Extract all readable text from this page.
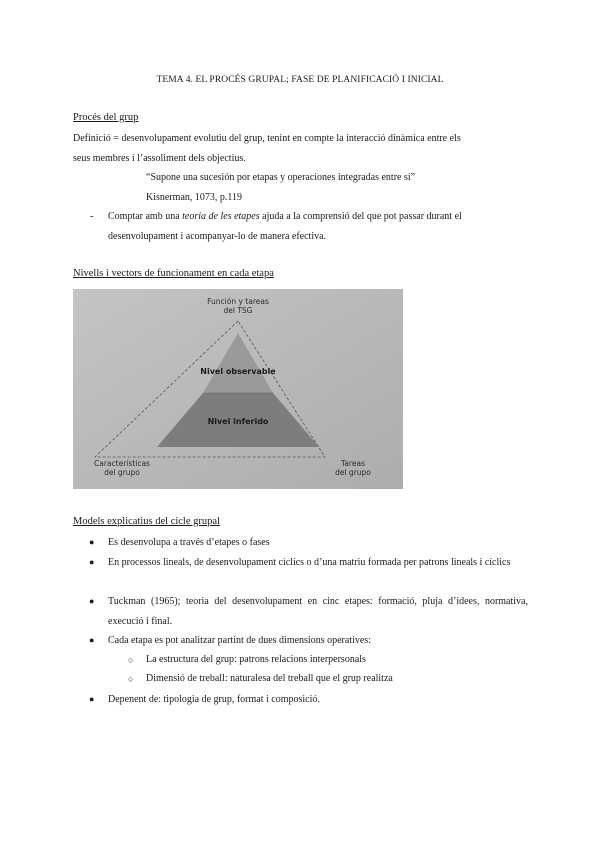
TEMA 4. EL PROCÉS GRUPAL; FASE DE PLANIFICACIÓ I INICIAL
Procés del grup
Definició = desenvolupament evolutiu del grup, tenint en compte la interacció dinàmica entre els
seus membres i l’assoliment dels objectius.
“Supone una sucesión por etapas y operaciones integradas entre sí”
Kisnerman, 1073, p.119
- Comptar amb una teoria de les etapes ajuda a la comprensió del que pot passar durant el
desenvolupament i acompanyar-lo de manera efectiva.
Nivells i vectors de funcionament en cada etapa
Función y tareas
del TSG
Nivel observable
Nivel inferido
Características
del grupo
Tareas
del grupo
Models explicatius del cicle grupal
● Es desenvolupa a través d’etapes o fases
● En processos lineals, de desenvolupament cíclics o d’una matriu formada per patrons lineals i cíclics
● Tuckman (1965); teoria del desenvolupament en cinc etapes: formació, pluja d’idees, normativa, execució i final.
● Cada etapa es pot analitzar partint de dues dimensions operatives:
○ La estructura del grup: patrons relacions interpersonals
○ Dimensió de treball: naturalesa del treball que el grup realitza
● Depenent de: tipologia de grup, format i composició.
